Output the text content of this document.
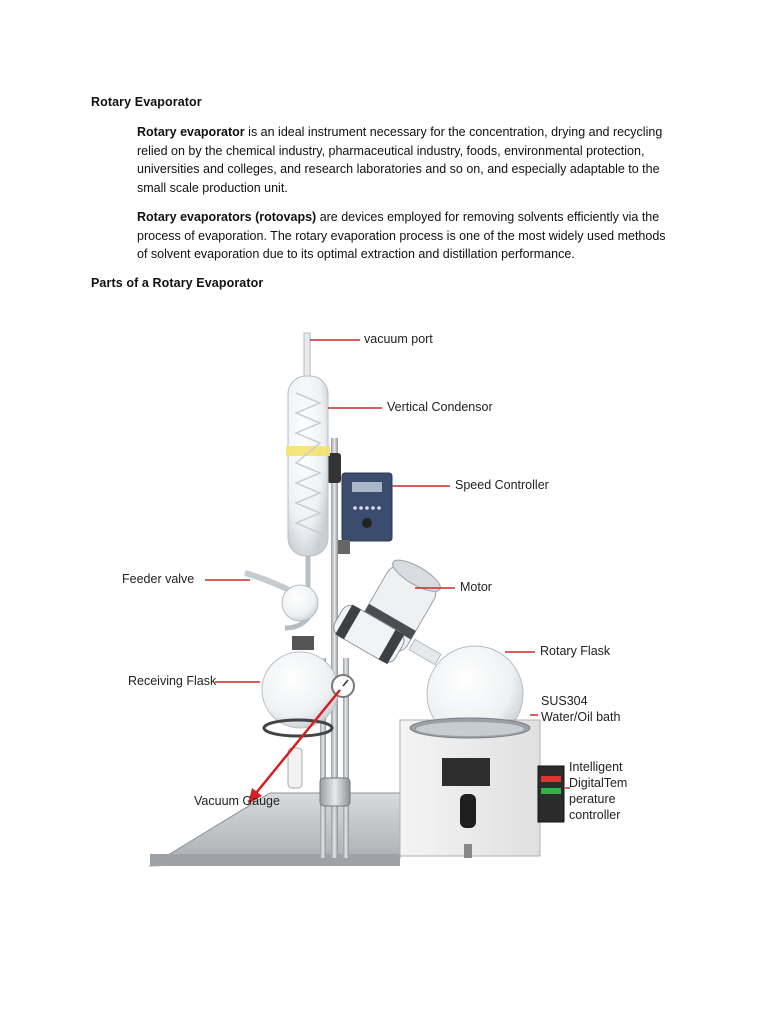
Rotary Evaporator
Rotary evaporator is an ideal instrument necessary for the concentration, drying and recycling relied on by the chemical industry, pharmaceutical industry, foods, environmental protection, universities and colleges, and research laboratories and so on, and especially adaptable to the small scale production unit.
Rotary evaporators (rotovaps) are devices employed for removing solvents efficiently via the process of evaporation. The rotary evaporation process is one of the most widely used methods of solvent evaporation due to its optimal extraction and distillation performance.
Parts of a Rotary Evaporator
vacuum port
Vertical Condensor
Speed Controller
Feeder valve
Motor
Rotary Flask
Receiving Flask
SUS304
Water/Oil bath
Intelligent
DigitalTem
perature
controller
Vacuum Gauge
